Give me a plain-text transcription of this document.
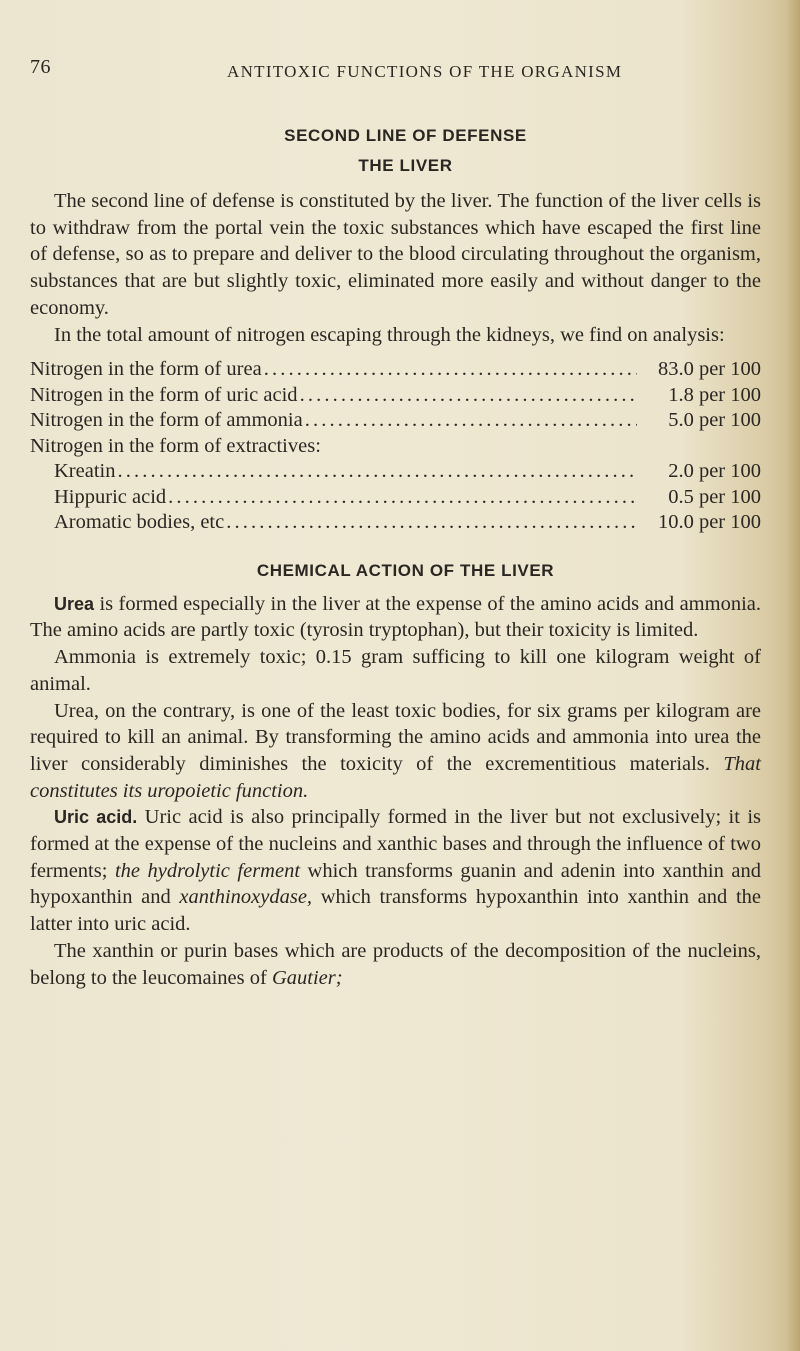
76	ANTITOXIC FUNCTIONS OF THE ORGANISM
SECOND LINE OF DEFENSE
THE LIVER

The second line of defense is constituted by the liver. The function of the liver cells is to withdraw from the portal vein the toxic substances which have escaped the first line of defense, so as to prepare and deliver to the blood circulating throughout the organism, substances that are but slightly toxic, eliminated more easily and without danger to the economy.

In the total amount of nitrogen escaping through the kidneys, we find on analysis:

Nitrogen in the form of urea . . .	83.0 per 100
Nitrogen in the form of uric acid . . .	1.8 per 100
Nitrogen in the form of ammonia . . .	5.0 per 100
Nitrogen in the form of extractives:
Kreatin . . .	2.0 per 100
Hippuric acid . . .	0.5 per 100
Aromatic bodies, etc . . .	10.0 per 100
CHEMICAL ACTION OF THE LIVER

Urea is formed especially in the liver at the expense of the amino acids and ammonia. The amino acids are partly toxic (tyrosin tryptophan), but their toxicity is limited.

Ammonia is extremely toxic; 0.15 gram sufficing to kill one kilogram weight of animal.

Urea, on the contrary, is one of the least toxic bodies, for six grams per kilogram are required to kill an animal. By transforming the amino acids and ammonia into urea the liver considerably diminishes the toxicity of the excrementitious materials. That constitutes its uropoietic function.

Uric acid. Uric acid is also principally formed in the liver but not exclusively; it is formed at the expense of the nucleins and xanthic bases and through the influence of two ferments; the hydrolytic ferment which transforms guanin and adenin into xanthin and hypoxanthin and xanthinoxydase, which transforms hypoxanthin into xanthin and the latter into uric acid.

The xanthin or purin bases which are products of the decomposition of the nucleins, belong to the leucomaines of Gautier;
